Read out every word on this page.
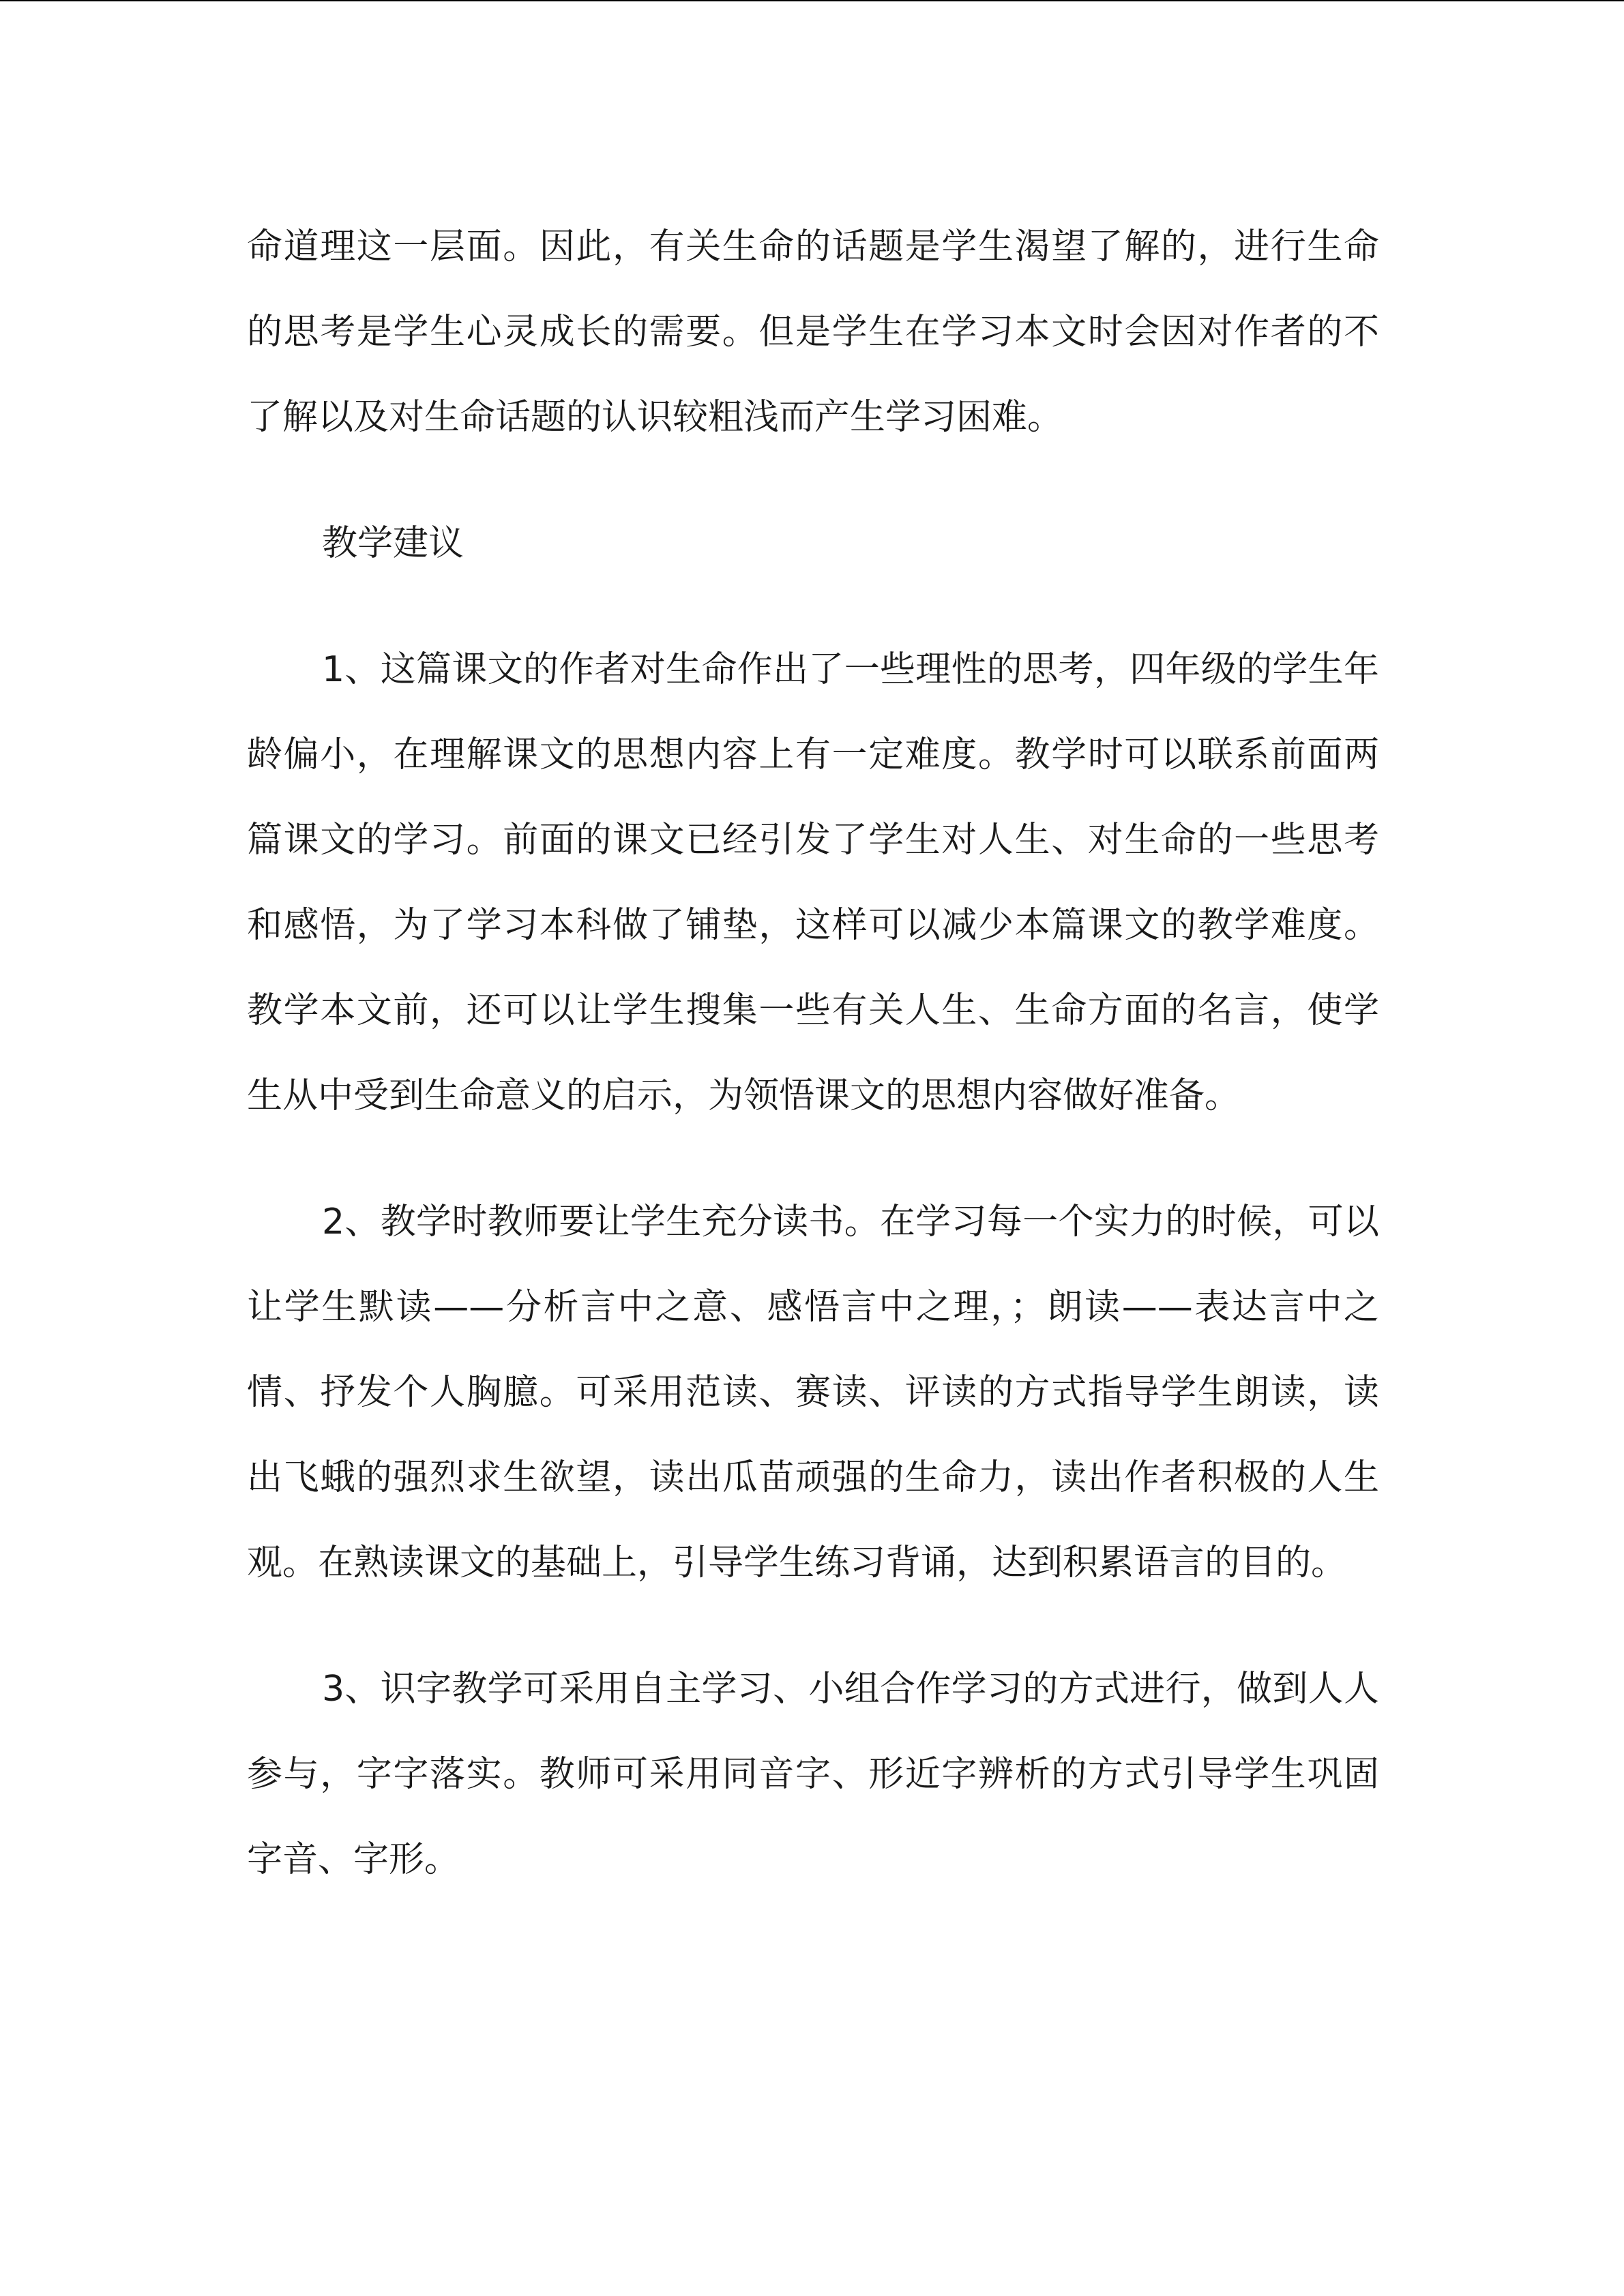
命道理这一层面。因此，有关生命的话题是学生渴望了解的，进行生命的思考是学生心灵成长的需要。但是学生在学习本文时会因对作者的不了解以及对生命话题的认识较粗浅而产生学习困难。

教学建议

1、这篇课文的作者对生命作出了一些理性的思考，四年级的学生年龄偏小，在理解课文的思想内容上有一定难度。教学时可以联系前面两篇课文的学习。前面的课文已经引发了学生对人生、对生命的一些思考和感悟，为了学习本科做了铺垫，这样可以减少本篇课文的教学难度。教学本文前，还可以让学生搜集一些有关人生、生命方面的名言，使学生从中受到生命意义的启示，为领悟课文的思想内容做好准备。

2、教学时教师要让学生充分读书。在学习每一个实力的时候，可以让学生默读——分析言中之意、感悟言中之理，；朗读——表达言中之情、抒发个人胸臆。可采用范读、赛读、评读的方式指导学生朗读，读出飞蛾的强烈求生欲望，读出瓜苗顽强的生命力，读出作者积极的人生观。在熟读课文的基础上，引导学生练习背诵，达到积累语言的目的。

3、识字教学可采用自主学习、小组合作学习的方式进行，做到人人参与，字字落实。教师可采用同音字、形近字辨析的方式引导学生巩固字音、字形。
